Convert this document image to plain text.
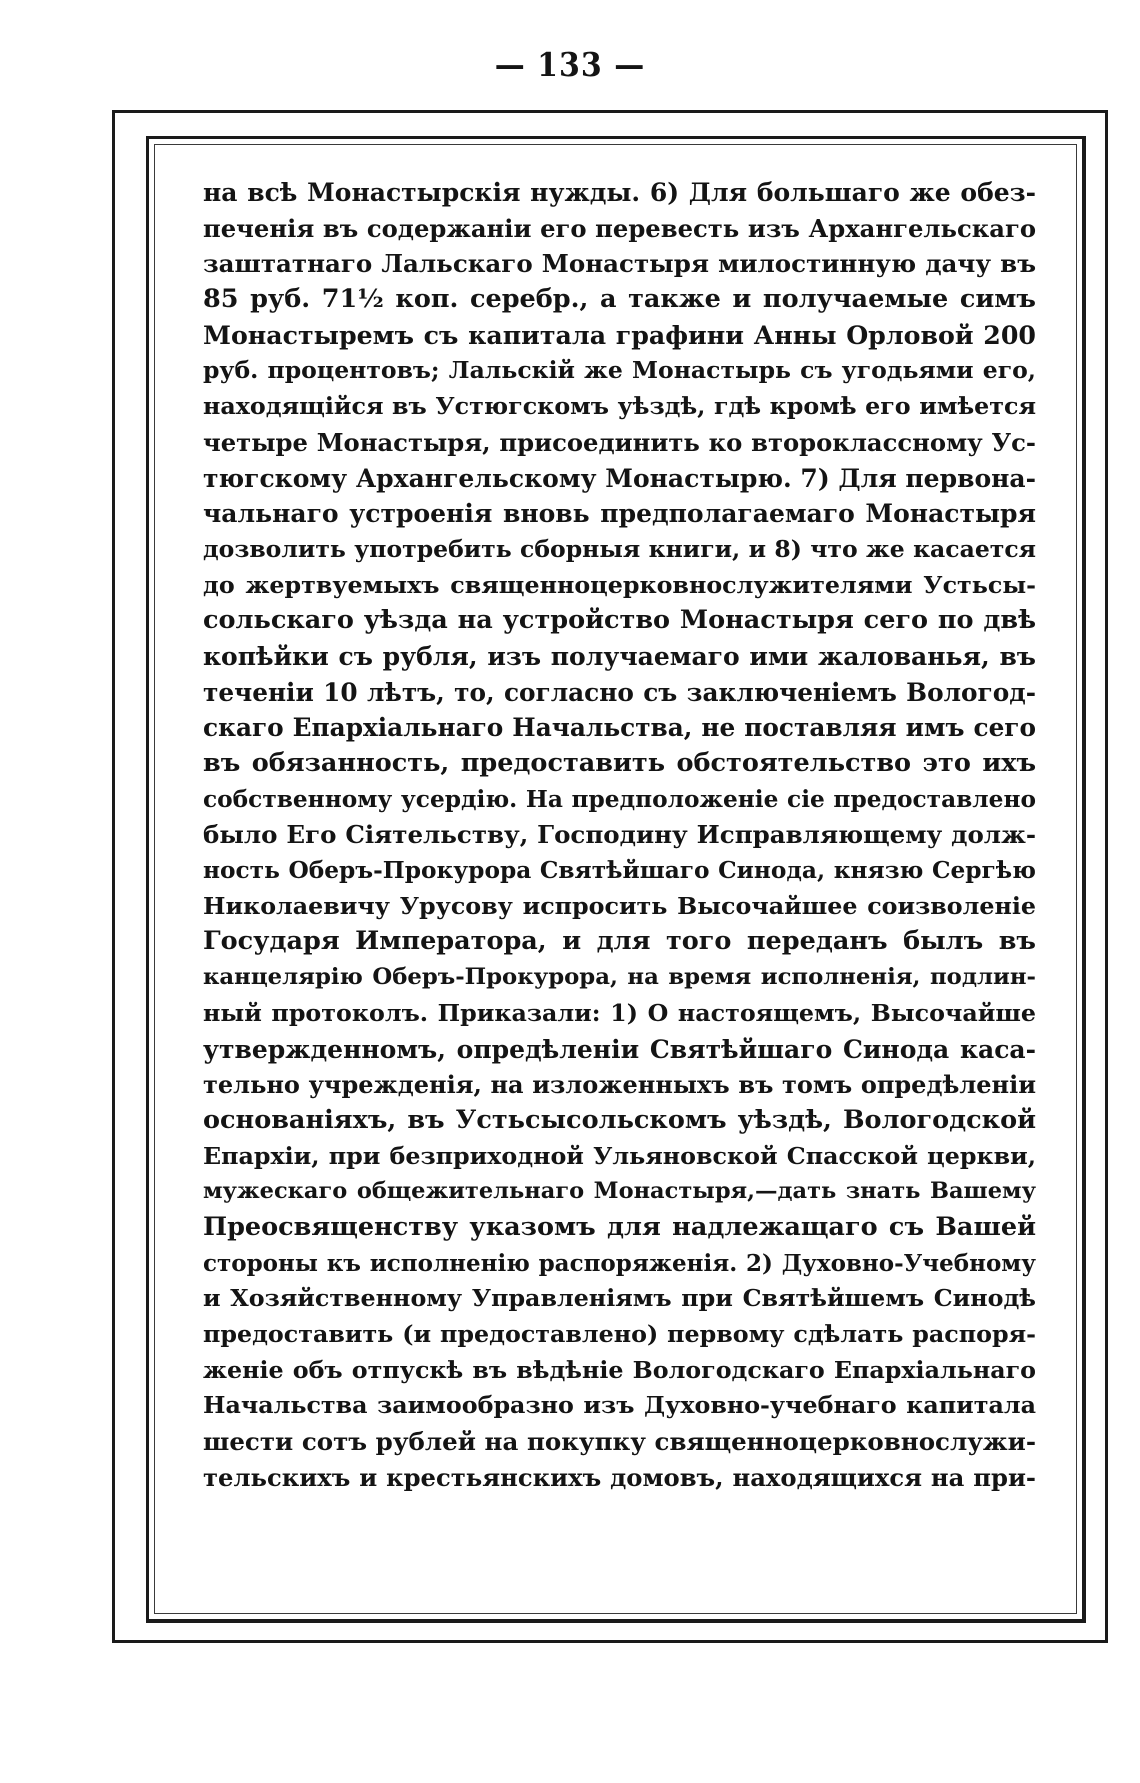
— 133 —
на всѣ Монастырскія нужды. 6) Для большаго же обез-
печенія въ содержаніи его перевесть изъ Архангельскаго
заштатнаго Лальскаго Монастыря милостинную дачу въ
85 руб. 71½ коп. серебр., а также и получаемые симъ
Монастыремъ съ капитала графини Анны Орловой 200
руб. процентовъ; Лальскій же Монастырь съ угодьями его,
находящійся въ Устюгскомъ уѣздѣ, гдѣ кромѣ его имѣется
четыре Монастыря, присоединить ко второклассному Ус-
тюгскому Архангельскому Монастырю. 7) Для первона-
чальнаго устроенія вновь предполагаемаго Монастыря
дозволить употребить сборныя книги, и 8) что же касается
до жертвуемыхъ священноцерковнослужителями Устьсы-
сольскаго уѣзда на устройство Монастыря сего по двѣ
копѣйки съ рубля, изъ получаемаго ими жалованья, въ
теченіи 10 лѣтъ, то, согласно съ заключеніемъ Вологод-
скаго Епархіальнаго Начальства, не поставляя имъ сего
въ обязанность, предоставить обстоятельство это ихъ
собственному усердію. На предположеніе сіе предоставлено
было Его Сіятельству, Господину Исправляющему долж-
ность Оберъ-Прокурора Святѣйшаго Синода, князю Сергѣю
Николаевичу Урусову испросить Высочайшее соизволеніе
Государя Императора, и для того переданъ былъ въ
канцелярію Оберъ-Прокурора, на время исполненія, подлин-
ный протоколъ. Приказали: 1) О настоящемъ, Высочайше
утвержденномъ, опредѣленіи Святѣйшаго Синода каса-
тельно учрежденія, на изложенныхъ въ томъ опредѣленіи
основаніяхъ, въ Устьсысольскомъ уѣздѣ, Вологодской
Епархіи, при безприходной Ульяновской Спасской церкви,
мужескаго общежительнаго Монастыря,—дать знать Вашему
Преосвященству указомъ для надлежащаго съ Вашей
стороны къ исполненію распоряженія. 2) Духовно-Учебному
и Хозяйственному Управленіямъ при Святѣйшемъ Синодѣ
предоставить (и предоставлено) первому сдѣлать распоря-
женіе объ отпускѣ въ вѣдѣніе Вологодскаго Епархіальнаго
Начальства заимообразно изъ Духовно-учебнаго капитала
шести сотъ рублей на покупку священноцерковнослужи-
тельскихъ и крестьянскихъ домовъ, находящихся на при-
